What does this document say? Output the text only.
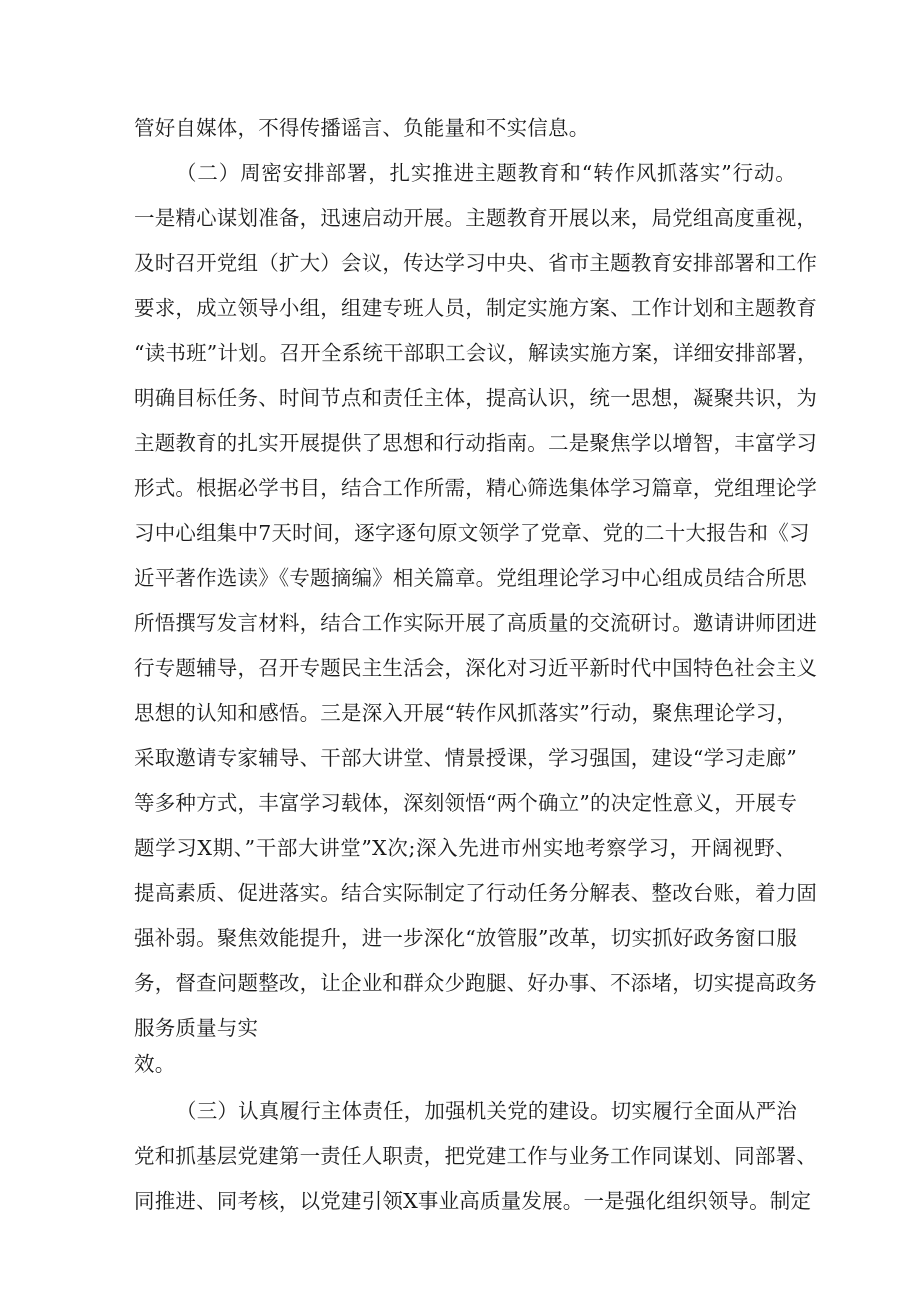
管好自媒体，不得传播谣言、负能量和不实信息。
（二）周密安排部署，扎实推进主题教育和“转作风抓落实”行动。
一是精心谋划准备，迅速启动开展。主题教育开展以来，局党组高度重视，
及时召开党组（扩大）会议，传达学习中央、省市主题教育安排部署和工作
要求，成立领导小组，组建专班人员，制定实施方案、工作计划和主题教育
“读书班”计划。召开全系统干部职工会议，解读实施方案，详细安排部署，
明确目标任务、时间节点和责任主体，提高认识，统一思想，凝聚共识，为
主题教育的扎实开展提供了思想和行动指南。二是聚焦学以增智，丰富学习
形式。根据必学书目，结合工作所需，精心筛选集体学习篇章，党组理论学
习中心组集中7天时间，逐字逐句原文领学了党章、党的二十大报告和《习
近平著作选读》《专题摘编》相关篇章。党组理论学习中心组成员结合所思
所悟撰写发言材料，结合工作实际开展了高质量的交流研讨。邀请讲师团进
行专题辅导，召开专题民主生活会，深化对习近平新时代中国特色社会主义
思想的认知和感悟。三是深入开展“转作风抓落实”行动，聚焦理论学习，
采取邀请专家辅导、干部大讲堂、情景授课，学习强国，建设“学习走廊”
等多种方式，丰富学习载体，深刻领悟“两个确立”的决定性意义，开展专
题学习X期、”干部大讲堂”X次;深入先进市州实地考察学习，开阔视野、
提高素质、促进落实。结合实际制定了行动任务分解表、整改台账，着力固
强补弱。聚焦效能提升，进一步深化“放管服”改革，切实抓好政务窗口服
务，督查问题整改，让企业和群众少跑腿、好办事、不添堵，切实提高政务
服务质量与实
效。
（三）认真履行主体责任，加强机关党的建设。切实履行全面从严治
党和抓基层党建第一责任人职责，把党建工作与业务工作同谋划、同部署、
同推进、同考核，以党建引领X事业高质量发展。一是强化组织领导。制定
